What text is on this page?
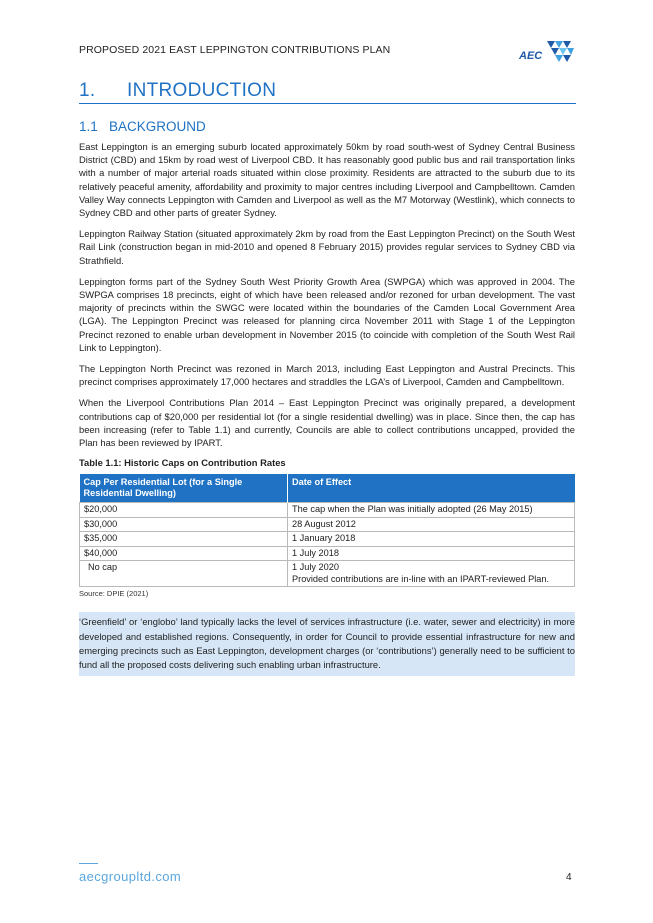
PROPOSED 2021 EAST LEPPINGTON CONTRIBUTIONS PLAN	AEC
1. INTRODUCTION
1.1 BACKGROUND

East Leppington is an emerging suburb located approximately 50km by road south-west of Sydney Central Business District (CBD) and 15km by road west of Liverpool CBD. It has reasonably good public bus and rail transportation links with a number of major arterial roads situated within close proximity. Residents are attracted to the suburb due to its relatively peaceful amenity, affordability and proximity to major centres including Liverpool and Campbelltown. Camden Valley Way connects Leppington with Camden and Liverpool as well as the M7 Motorway (Westlink), which connects to Sydney CBD and other parts of greater Sydney.

Leppington Railway Station (situated approximately 2km by road from the East Leppington Precinct) on the South West Rail Link (construction began in mid-2010 and opened 8 February 2015) provides regular services to Sydney CBD via Strathfield.

Leppington forms part of the Sydney South West Priority Growth Area (SWPGA) which was approved in 2004. The SWPGA comprises 18 precincts, eight of which have been released and/or rezoned for urban development. The vast majority of precincts within the SWGC were located within the boundaries of the Camden Local Government Area (LGA). The Leppington Precinct was released for planning circa November 2011 with Stage 1 of the Leppington Precinct rezoned to enable urban development in November 2015 (to coincide with completion of the South West Rail Link to Leppington).

The Leppington North Precinct was rezoned in March 2013, including East Leppington and Austral Precincts. This precinct comprises approximately 17,000 hectares and straddles the LGA’s of Liverpool, Camden and Campbelltown.

When the Liverpool Contributions Plan 2014 – East Leppington Precinct was originally prepared, a development contributions cap of $20,000 per residential lot (for a single residential dwelling) was in place. Since then, the cap has been increasing (refer to Table 1.1) and currently, Councils are able to collect contributions uncapped, provided the Plan has been reviewed by IPART.

Table 1.1: Historic Caps on Contribution Rates
Cap Per Residential Lot (for a Single Residential Dwelling)	Date of Effect
$20,000	The cap when the Plan was initially adopted (26 May 2015)
$30,000	28 August 2012
$35,000	1 January 2018
$40,000	1 July 2018
No cap	1 July 2020
Provided contributions are in-line with an IPART-reviewed Plan.
Source: DPIE (2021)
‘Greenfield’ or ‘englobo’ land typically lacks the level of services infrastructure (i.e. water, sewer and electricity) in more developed and established regions. Consequently, in order for Council to provide essential infrastructure for new and emerging precincts such as East Leppington, development charges (or ‘contributions’) generally need to be sufficient to fund all the proposed costs delivering such enabling urban infrastructure.
aecgroupltd.com	4
